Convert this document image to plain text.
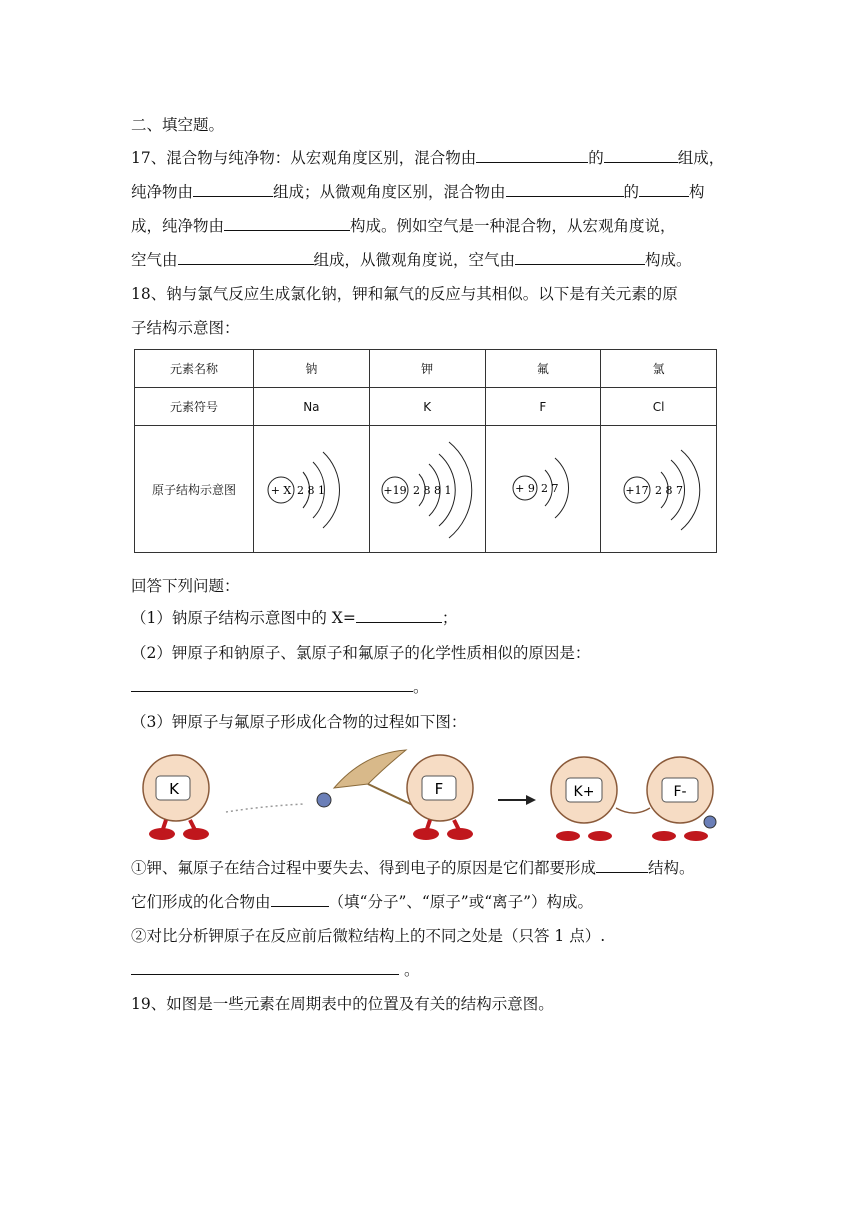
二、填空题。
17、混合物与纯净物：从宏观角度区别，混合物由	的	组成，
纯净物由	组成；从微观角度区别，混合物由	的	构
成，纯净物由	构成。例如空气是一种混合物，从宏观角度说，
空气由	组成，从微观角度说，空气由	构成。
18、钠与氯气反应生成氯化钠，钾和氟气的反应与其相似。以下是有关元素的原
子结构示意图：
元素名称	钠	钾	氟	氯
元素符号	Na	K	F	Cl
原子结构示意图	+ X 2 8 1	+19 2 8 8 1	+ 9 2 7	+17 2 8 7
回答下列问题：
（1）钠原子结构示意图中的 X=	；
（2）钾原子和钠原子、氯原子和氟原子的化学性质相似的原因是：
。
（3）钾原子与氟原子形成化合物的过程如下图：
K	F	K+	F-
①钾、氟原子在结合过程中要失去、得到电子的原因是它们都要形成	结构。
它们形成的化合物由	（填“分子”、“原子”或“离子”）构成。
②对比分析钾原子在反应前后微粒结构上的不同之处是（只答 1 点）.
。
19、如图是一些元素在周期表中的位置及有关的结构示意图。
